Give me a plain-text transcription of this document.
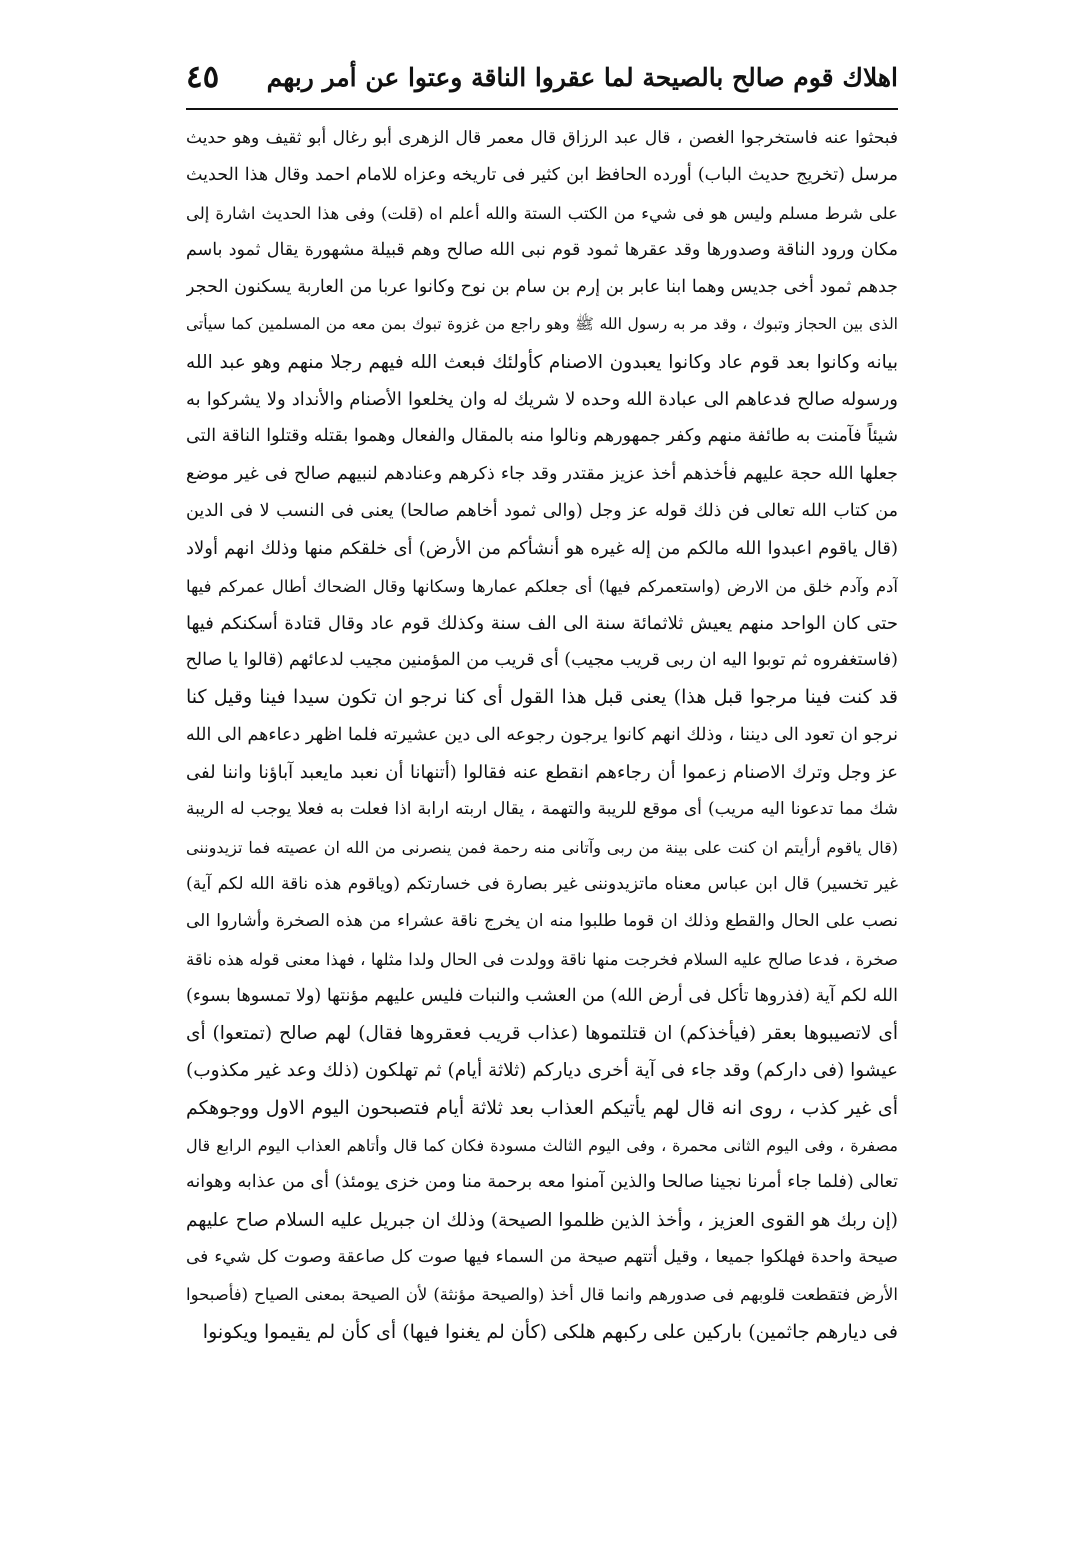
اهلاك قوم صالح بالصيحة لما عقروا الناقة وعتوا عن أمر ربهم
٤٥
فبحثوا عنه فاستخرجوا الغصن ، قال عبد الرزاق قال معمر قال الزهرى أبو رغال أبو ثقيف وهو حديث
مرسل (تخريج حديث الباب) أورده الحافظ ابن كثير فى تاريخه وعزاه للامام احمد وقال هذا الحديث
على شرط مسلم وليس هو فى شيء من الكتب الستة والله أعلم اه (قلت) وفى هذا الحديث اشارة إلى
مكان ورود الناقة وصدورها وقد عقرها ثمود قوم نبى الله صالح وهم قبيلة مشهورة يقال ثمود باسم
جدهم ثمود أخى جديس وهما ابنا عابر بن إرم بن سام بن نوح وكانوا عربا من العاربة يسكنون الحجر
الذى بين الحجاز وتبوك ، وقد مر به رسول الله ﷺ وهو راجع من غزوة تبوك بمن معه من المسلمين كما سيأتى
بيانه وكانوا بعد قوم عاد وكانوا يعبدون الاصنام كأولئك فبعث الله فيهم رجلا منهم وهو عبد الله
ورسوله صالح فدعاهم الى عبادة الله وحده لا شريك له وان يخلعوا الأصنام والأنداد ولا يشركوا به
شيئاً فآمنت به طائفة منهم وكفر جمهورهم ونالوا منه بالمقال والفعال وهموا بقتله وقتلوا الناقة التى
جعلها الله حجة عليهم فأخذهم أخذ عزيز مقتدر وقد جاء ذكرهم وعنادهم لنبيهم صالح فى غير موضع
من كتاب الله تعالى فن ذلك قوله عز وجل (والى ثمود أخاهم صالحا) يعنى فى النسب لا فى الدين
(قال ياقوم اعبدوا الله مالكم من إله غيره هو أنشأكم من الأرض) أى خلقكم منها وذلك انهم أولاد
آدم وآدم خلق من الارض (واستعمركم فيها) أى جعلكم عمارها وسكانها وقال الضحاك أطال عمركم فيها
حتى كان الواحد منهم يعيش ثلاثمائة سنة الى الف سنة وكذلك قوم عاد وقال قتادة أسكنكم فيها
(فاستغفروه ثم توبوا اليه ان ربى قريب مجيب) أى قريب من المؤمنين مجيب لدعائهم (قالوا يا صالح
قد كنت فينا مرجوا قبل هذا) يعنى قبل هذا القول أى كنا نرجو ان تكون سيدا فينا وقيل كنا
نرجو ان تعود الى ديننا ، وذلك انهم كانوا يرجون رجوعه الى دين عشيرته فلما اظهر دعاءهم الى الله
عز وجل وترك الاصنام زعموا أن رجاءهم انقطع عنه فقالوا (أتنهانا أن نعبد مايعبد آباؤنا واننا لفى
شك مما تدعونا اليه مريب) أى موقع للريبة والتهمة ، يقال اربته ارابة اذا فعلت به فعلا يوجب له الريبة
(قال ياقوم أرأيتم ان كنت على بينة من ربى وآتانى منه رحمة فمن ينصرنى من الله ان عصيته فما تزيدوننى
غير تخسير) قال ابن عباس معناه ماتزيدوننى غير بصارة فى خسارتكم (وياقوم هذه ناقة الله لكم آية)
نصب على الحال والقطع وذلك ان قوما طلبوا منه ان يخرج ناقة عشراء من هذه الصخرة وأشاروا الى
صخرة ، فدعا صالح عليه السلام فخرجت منها ناقة وولدت فى الحال ولدا مثلها ، فهذا معنى قوله هذه ناقة
الله لكم آية (فذروها تأكل فى أرض الله) من العشب والنبات فليس عليهم مؤنتها (ولا تمسوها بسوء)
أى لاتصيبوها بعقر (فيأخذكم) ان قتلتموها (عذاب قريب فعقروها فقال) لهم صالح (تمتعوا) أى
عيشوا (فى داركم) وقد جاء فى آية أخرى دياركم (ثلاثة أيام) ثم تهلكون (ذلك وعد غير مكذوب)
أى غير كذب ، روى انه قال لهم يأتيكم العذاب بعد ثلاثة أيام فتصبحون اليوم الاول ووجوهكم
مصفرة ، وفى اليوم الثانى محمرة ، وفى اليوم الثالث مسودة فكان كما قال وأتاهم العذاب اليوم الرابع قال
تعالى (فلما جاء أمرنا نجينا صالحا والذين آمنوا معه برحمة منا ومن خزى يومئذ) أى من عذابه وهوانه
(إن ربك هو القوى العزيز ، وأخذ الذين ظلموا الصيحة) وذلك ان جبريل عليه السلام صاح عليهم
صيحة واحدة فهلكوا جميعا ، وقيل أتتهم صيحة من السماء فيها صوت كل صاعقة وصوت كل شيء فى
الأرض فتقطعت قلوبهم فى صدورهم وانما قال أخذ (والصيحة مؤنثة) لأن الصيحة بمعنى الصياح (فأصبحوا
فى ديارهم جاثمين) باركين على ركبهم هلكى (كأن لم يغنوا فيها) أى كأن لم يقيموا ويكونوا
